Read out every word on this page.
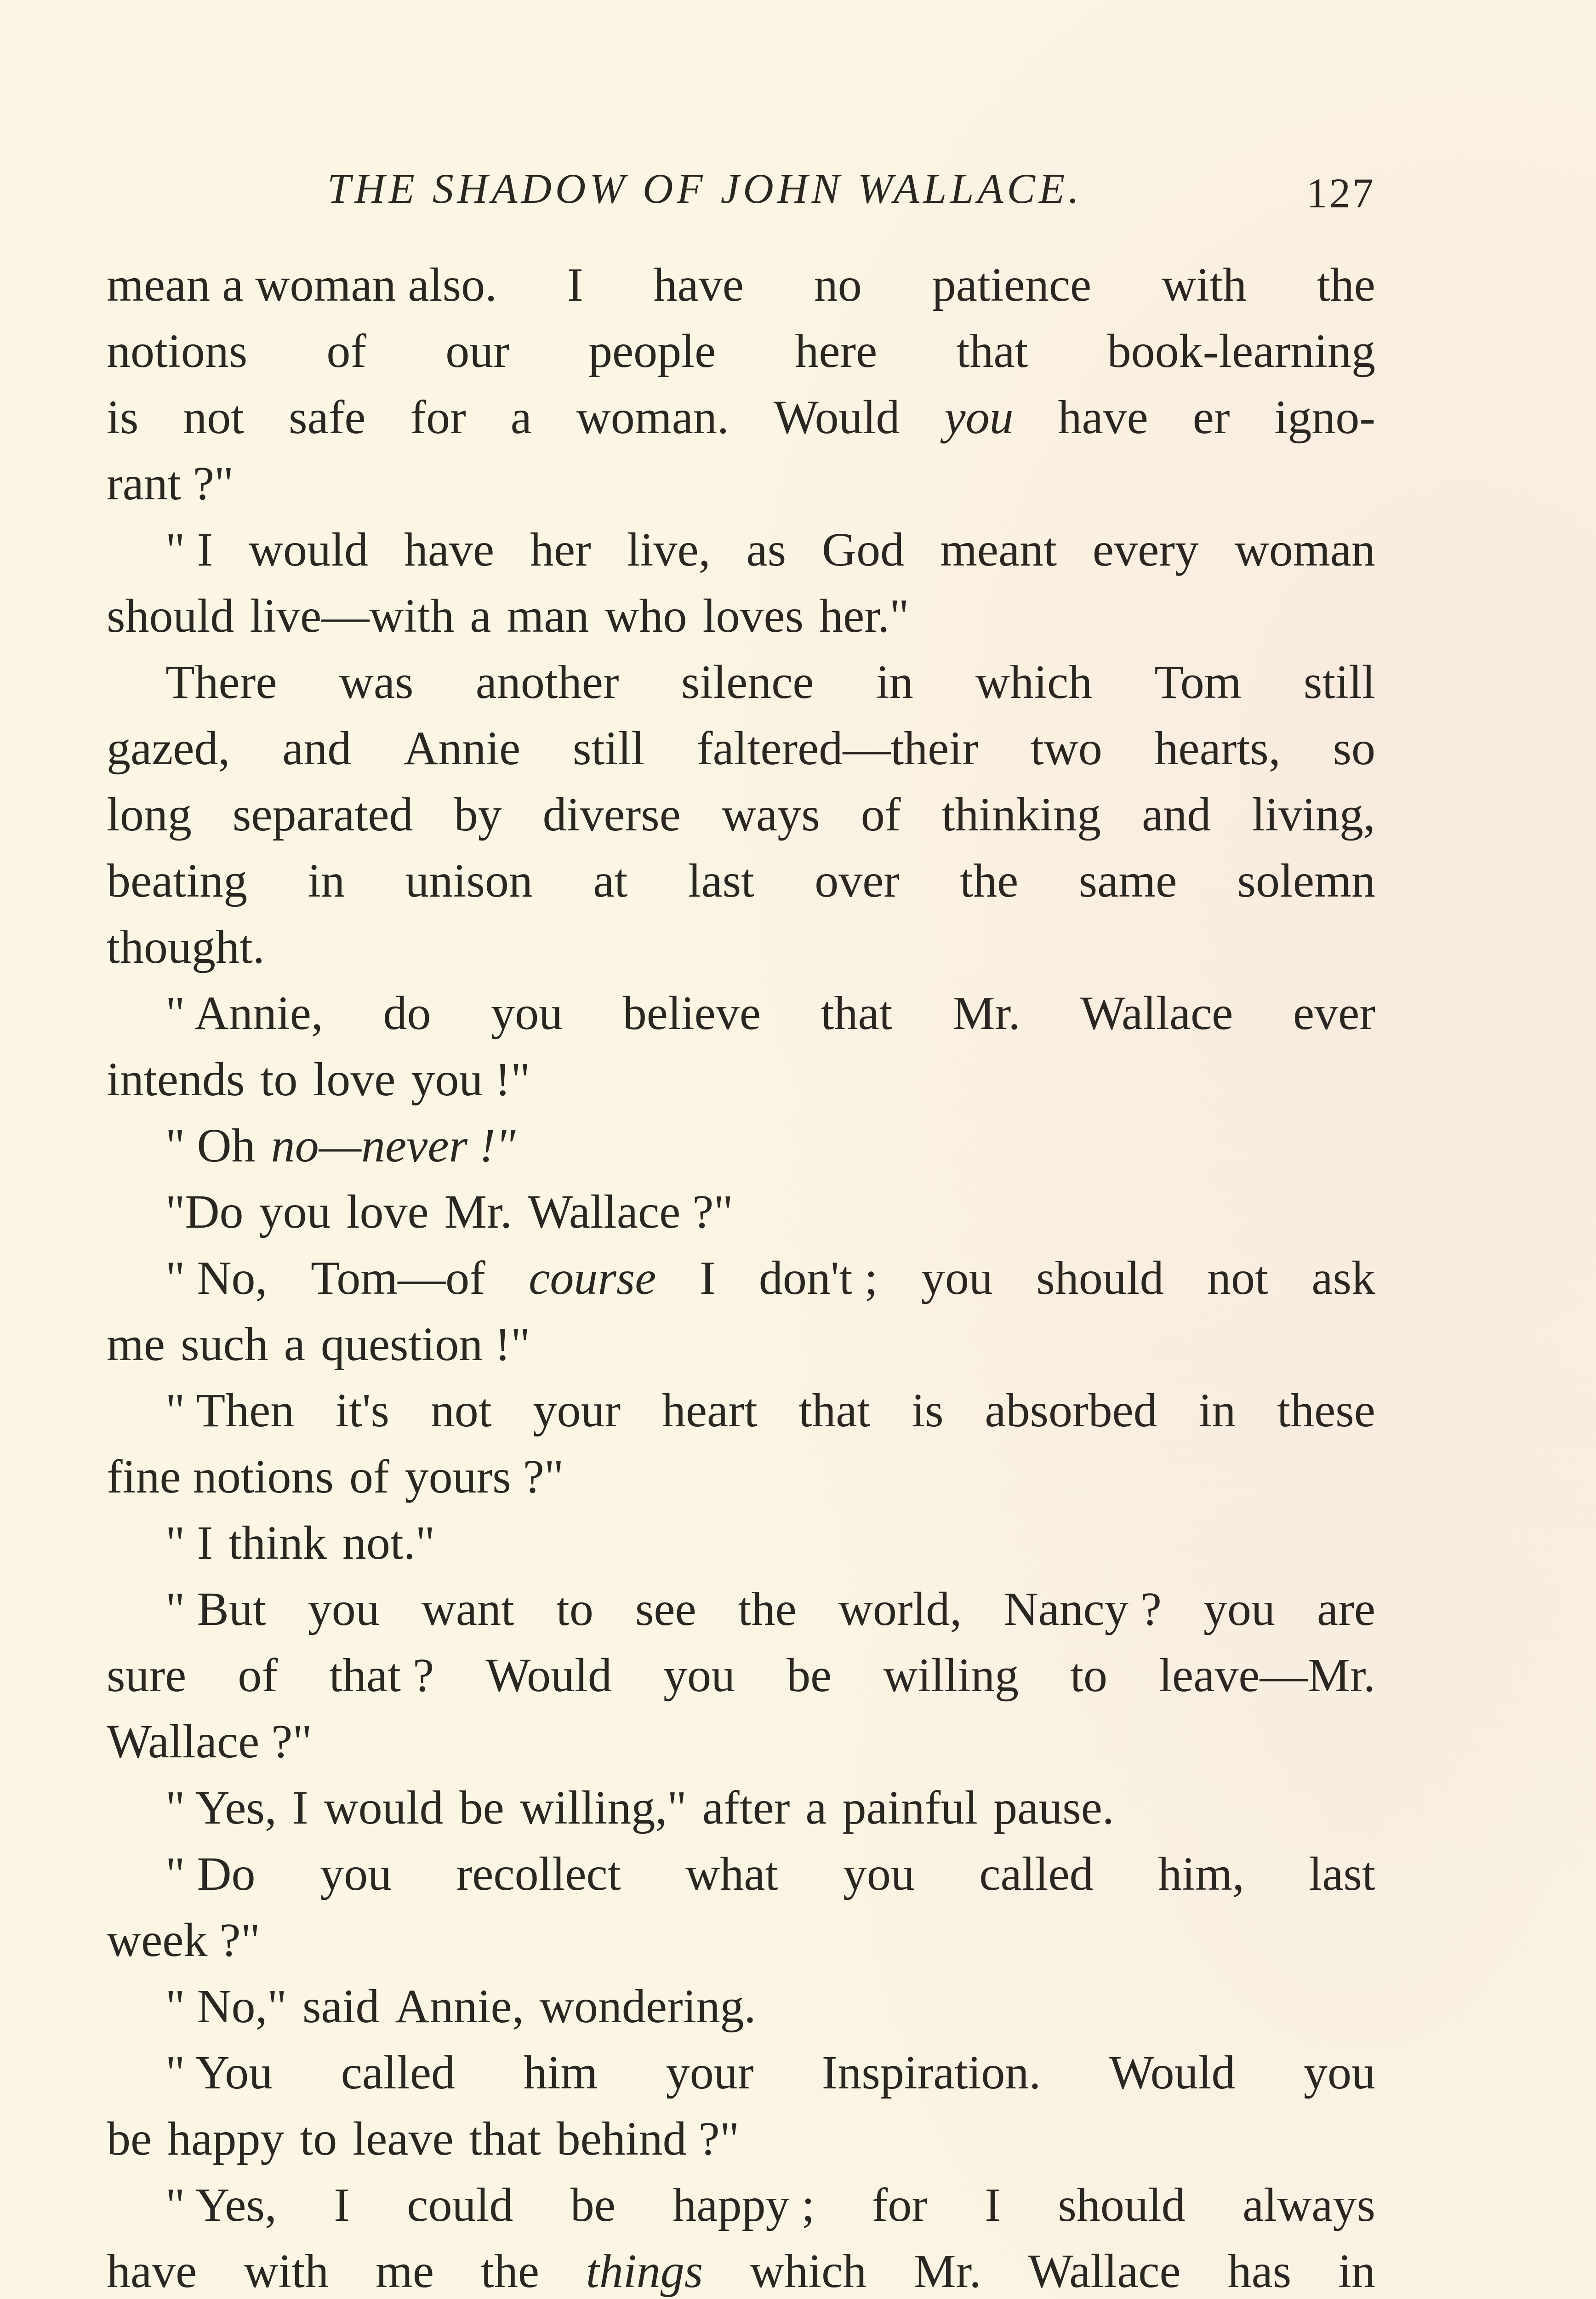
THE SHADOW OF JOHN WALLACE.	127
mean a woman also. I have no patience with the
notions of our people here that book-learning
is not safe for a woman. Would you have er igno-
rant ?"
" I would have her live, as God meant every woman
should live—with a man who loves her."
There was another silence in which Tom still
gazed, and Annie still faltered—their two hearts, so
long separated by diverse ways of thinking and living,
beating in unison at last over the same solemn
thought.
" Annie, do you believe that Mr. Wallace ever
intends to love you !"
" Oh no—never !"
"Do you love Mr. Wallace ?"
" No, Tom—of course I don't ; you should not ask
me such a question !"
" Then it's not your heart that is absorbed in these
fine notions of yours ?"
" I think not."
" But you want to see the world, Nancy ? you are
sure of that ? Would you be willing to leave—Mr.
Wallace ?"
" Yes, I would be willing," after a painful pause.
" Do you recollect what you called him, last
week ?"
" No," said Annie, wondering.
" You called him your Inspiration. Would you
be happy to leave that behind ?"
" Yes, I could be happy ; for I should always
have with me the things which Mr. Wallace has in
